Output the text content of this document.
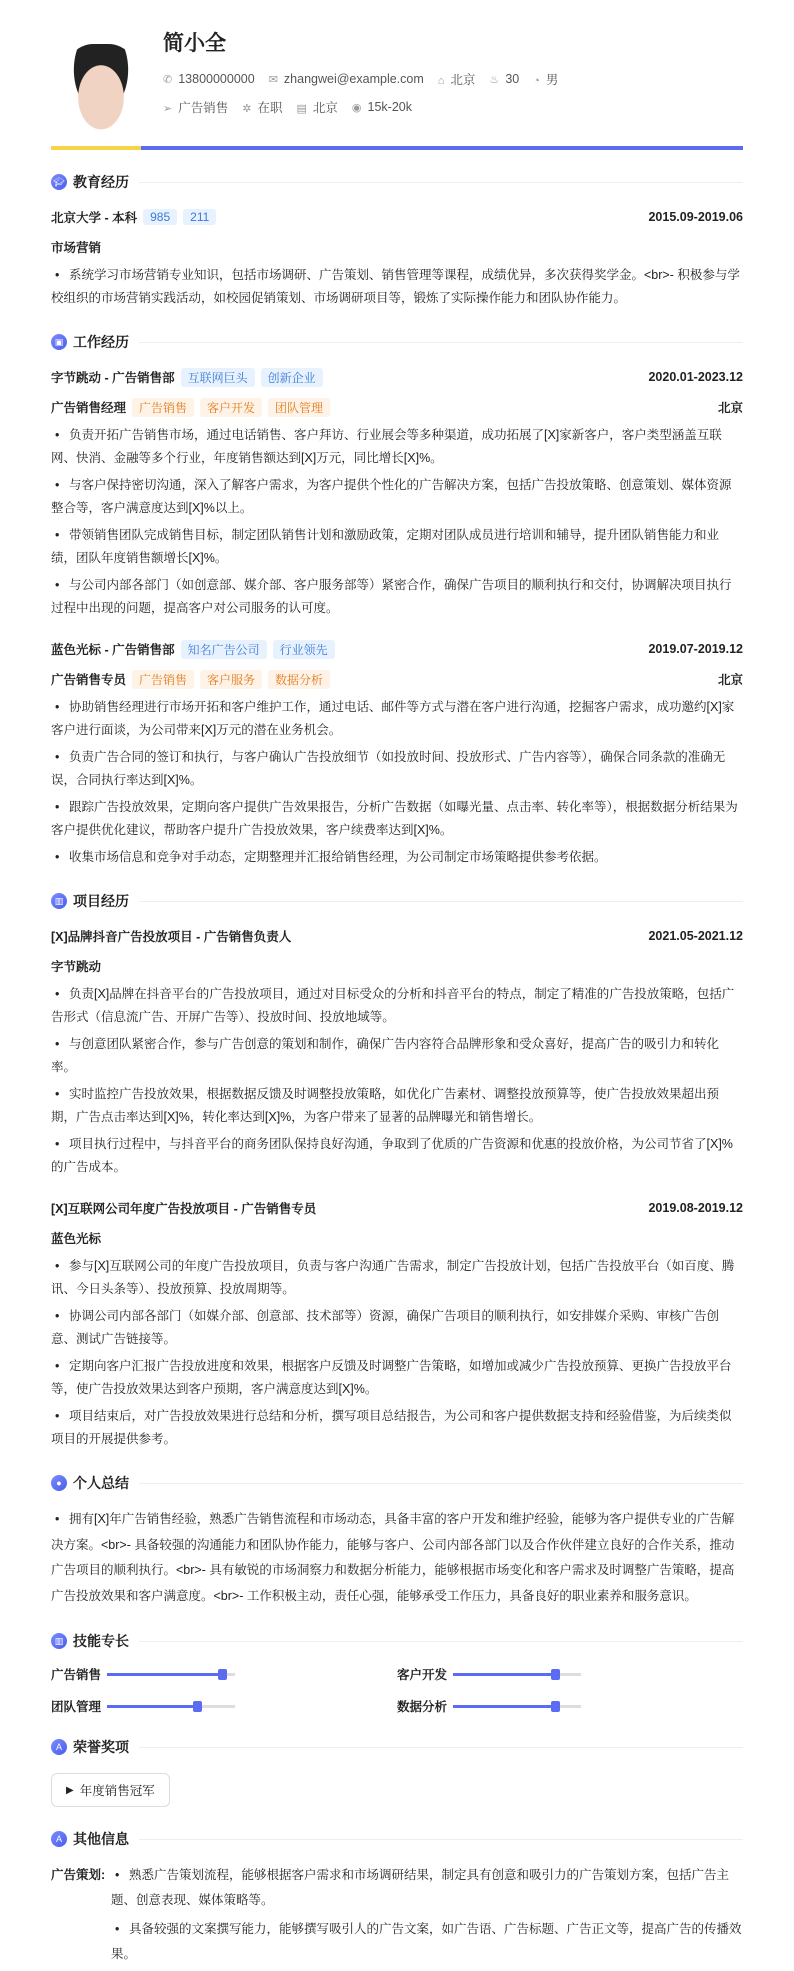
简小全
✆ 13800000000 ✉ zhangwei@example.com ⌂ 北京 ♨ 30 ◔ 男
➢ 广告销售 ✲ 在职 ▤ 北京 ◉ 15k-20k
🎓︎ 教育经历
北京大学 - 本科	985	211	2015.09-2019.06
市场营销
• 系统学习市场营销专业知识，包括市场调研、广告策划、销售管理等课程，成绩优异，多次获得奖学金。<br>- 积极参与学校组织的市场营销实践活动，如校园促销策划、市场调研项目等，锻炼了实际操作能力和团队协作能力。
▣ 工作经历
字节跳动 - 广告销售部	互联网巨头	创新企业	2020.01-2023.12
广告销售经理	广告销售	客户开发	团队管理	北京
• 负责开拓广告销售市场，通过电话销售、客户拜访、行业展会等多种渠道，成功拓展了[X]家新客户，客户类型涵盖互联网、快消、金融等多个行业，年度销售额达到[X]万元，同比增长[X]%。
• 与客户保持密切沟通，深入了解客户需求，为客户提供个性化的广告解决方案，包括广告投放策略、创意策划、媒体资源整合等，客户满意度达到[X]%以上。
• 带领销售团队完成销售目标，制定团队销售计划和激励政策，定期对团队成员进行培训和辅导，提升团队销售能力和业绩，团队年度销售额增长[X]%。
• 与公司内部各部门（如创意部、媒介部、客户服务部等）紧密合作，确保广告项目的顺利执行和交付，协调解决项目执行过程中出现的问题，提高客户对公司服务的认可度。
蓝色光标 - 广告销售部	知名广告公司	行业领先	2019.07-2019.12
广告销售专员	广告销售	客户服务	数据分析	北京
• 协助销售经理进行市场开拓和客户维护工作，通过电话、邮件等方式与潜在客户进行沟通，挖掘客户需求，成功邀约[X]家客户进行面谈，为公司带来[X]万元的潜在业务机会。
• 负责广告合同的签订和执行，与客户确认广告投放细节（如投放时间、投放形式、广告内容等），确保合同条款的准确无误，合同执行率达到[X]%。
• 跟踪广告投放效果，定期向客户提供广告效果报告，分析广告数据（如曝光量、点击率、转化率等），根据数据分析结果为客户提供优化建议，帮助客户提升广告投放效果，客户续费率达到[X]%。
• 收集市场信息和竞争对手动态，定期整理并汇报给销售经理，为公司制定市场策略提供参考依据。
▥ 项目经历
[X]品牌抖音广告投放项目 - 广告销售负责人	2021.05-2021.12
字节跳动
• 负责[X]品牌在抖音平台的广告投放项目，通过对目标受众的分析和抖音平台的特点，制定了精准的广告投放策略，包括广告形式（信息流广告、开屏广告等）、投放时间、投放地域等。
• 与创意团队紧密合作，参与广告创意的策划和制作，确保广告内容符合品牌形象和受众喜好，提高广告的吸引力和转化率。
• 实时监控广告投放效果，根据数据反馈及时调整投放策略，如优化广告素材、调整投放预算等，使广告投放效果超出预期，广告点击率达到[X]%，转化率达到[X]%，为客户带来了显著的品牌曝光和销售增长。
• 项目执行过程中，与抖音平台的商务团队保持良好沟通，争取到了优质的广告资源和优惠的投放价格，为公司节省了[X]%的广告成本。
[X]互联网公司年度广告投放项目 - 广告销售专员	2019.08-2019.12
蓝色光标
• 参与[X]互联网公司的年度广告投放项目，负责与客户沟通广告需求，制定广告投放计划，包括广告投放平台（如百度、腾讯、今日头条等）、投放预算、投放周期等。
• 协调公司内部各部门（如媒介部、创意部、技术部等）资源，确保广告项目的顺利执行，如安排媒介采购、审核广告创意、测试广告链接等。
• 定期向客户汇报广告投放进度和效果，根据客户反馈及时调整广告策略，如增加或减少广告投放预算、更换广告投放平台等，使广告投放效果达到客户预期，客户满意度达到[X]%。
• 项目结束后，对广告投放效果进行总结和分析，撰写项目总结报告，为公司和客户提供数据支持和经验借鉴，为后续类似项目的开展提供参考。
● 个人总结
• 拥有[X]年广告销售经验，熟悉广告销售流程和市场动态，具备丰富的客户开发和维护经验，能够为客户提供专业的广告解决方案。<br>- 具备较强的沟通能力和团队协作能力，能够与客户、公司内部各部门以及合作伙伴建立良好的合作关系，推动广告项目的顺利执行。<br>- 具有敏锐的市场洞察力和数据分析能力，能够根据市场变化和客户需求及时调整广告策略，提高广告投放效果和客户满意度。<br>- 工作积极主动，责任心强，能够承受工作压力，具备良好的职业素养和服务意识。
▥ 技能专长
广告销售	客户开发
团队管理	数据分析
A 荣誉奖项
▶ 年度销售冠军
A 其他信息
广告策划:	• 熟悉广告策划流程，能够根据客户需求和市场调研结果，制定具有创意和吸引力的广告策划方案，包括广告主题、创意表现、媒体策略等。
• 具备较强的文案撰写能力，能够撰写吸引人的广告文案，如广告语、广告标题、广告正文等，提高广告的传播效果。
